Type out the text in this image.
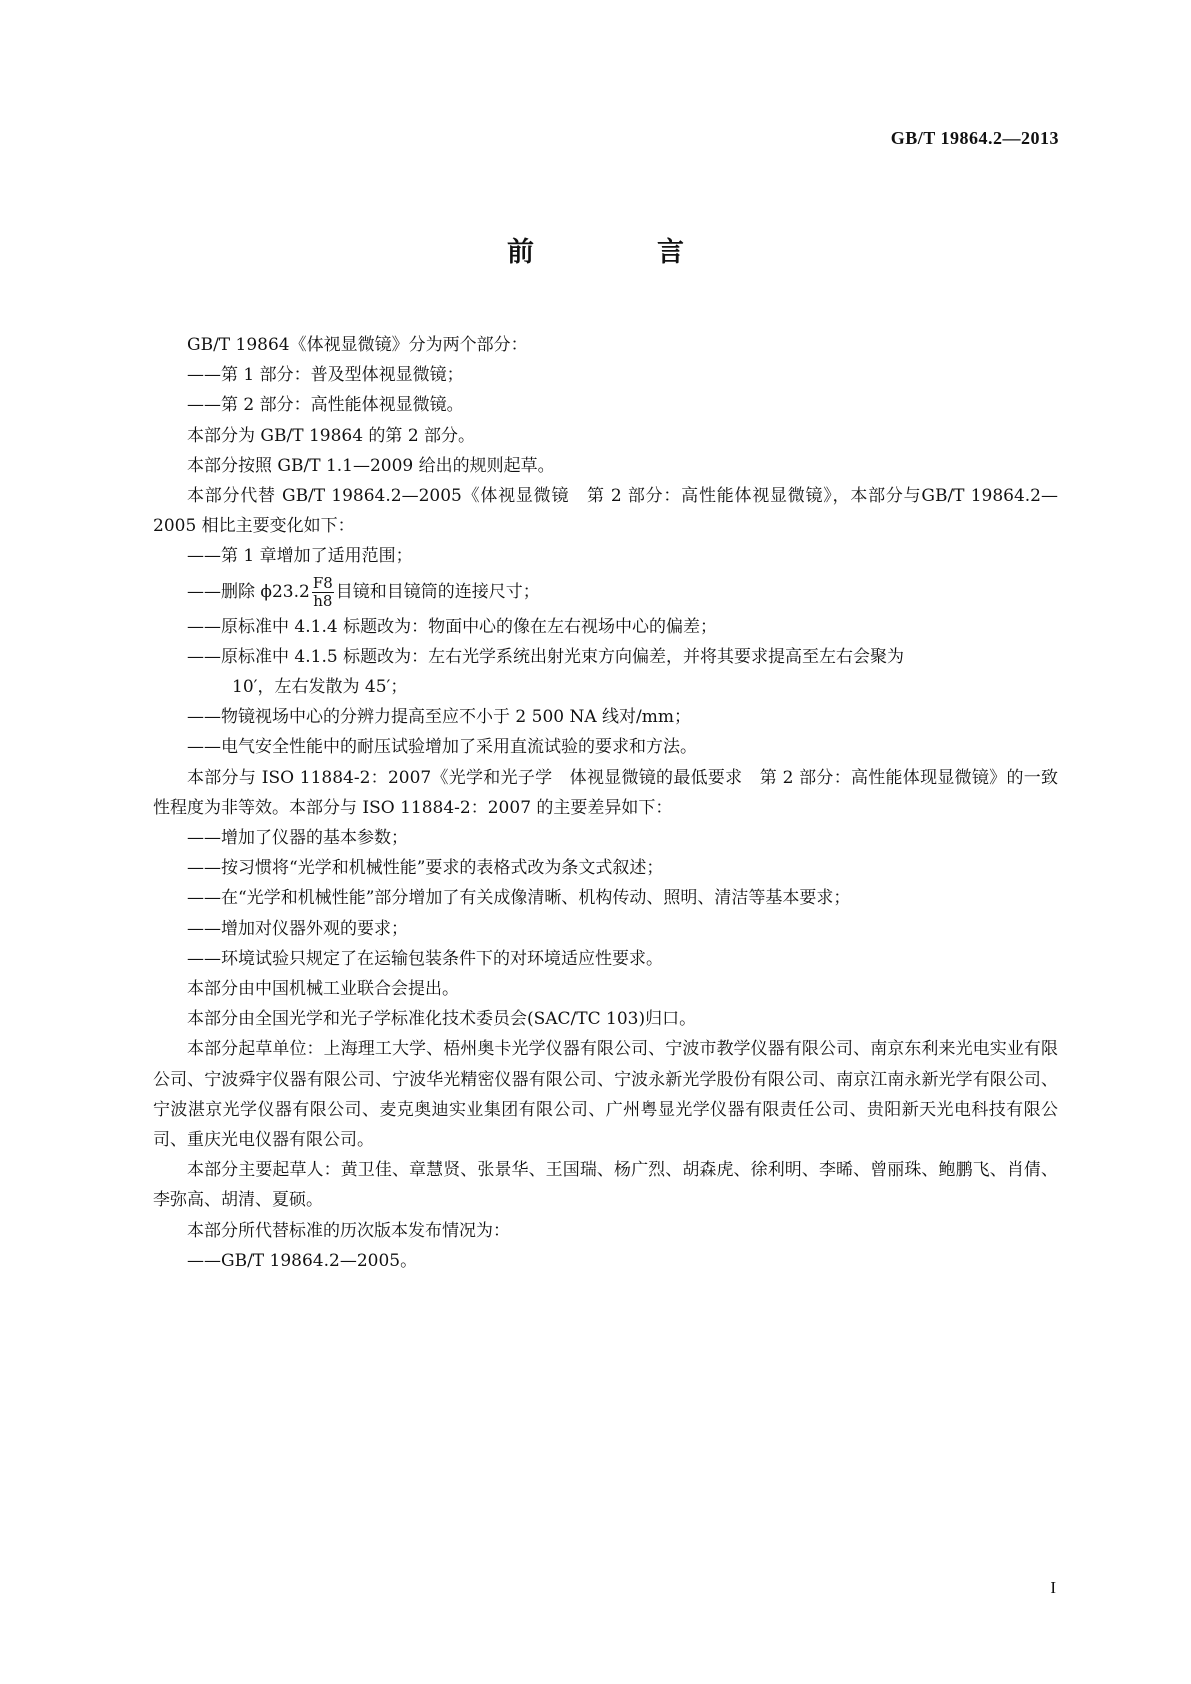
GB/T 19864.2—2013
前　言

GB/T 19864《体视显微镜》分为两个部分：

——第 1 部分：普及型体视显微镜；

——第 2 部分：高性能体视显微镜。

本部分为 GB/T 19864 的第 2 部分。

本部分按照 GB/T 1.1—2009 给出的规则起草。

本部分代替 GB/T 19864.2—2005《体视显微镜　第 2 部分：高性能体视显微镜》，本部分与GB/T 19864.2—2005 相比主要变化如下：

——第 1 章增加了适用范围；

——删除 $\phi 23.2 \frac{F8}{h8}$ 目镜和目镜筒的连接尺寸；

——原标准中 4.1.4 标题改为：物面中心的像在左右视场中心的偏差；

——原标准中 4.1.5 标题改为：左右光学系统出射光束方向偏差，并将其要求提高至左右会聚为
10′，左右发散为 45′；

——物镜视场中心的分辨力提高至应不小于 2 500 NA 线对/mm；

——电气安全性能中的耐压试验增加了采用直流试验的要求和方法。

本部分与 ISO 11884-2：2007《光学和光子学　体视显微镜的最低要求　第 2 部分：高性能体现显微镜》的一致性程度为非等效。本部分与 ISO 11884-2：2007 的主要差异如下：

——增加了仪器的基本参数；

——按习惯将“光学和机械性能”要求的表格式改为条文式叙述；

——在“光学和机械性能”部分增加了有关成像清晰、机构传动、照明、清洁等基本要求；

——增加对仪器外观的要求；

——环境试验只规定了在运输包装条件下的对环境适应性要求。

本部分由中国机械工业联合会提出。

本部分由全国光学和光子学标准化技术委员会(SAC/TC 103)归口。

本部分起草单位：上海理工大学、梧州奥卡光学仪器有限公司、宁波市教学仪器有限公司、南京东利来光电实业有限公司、宁波舜宇仪器有限公司、宁波华光精密仪器有限公司、宁波永新光学股份有限公司、南京江南永新光学有限公司、宁波湛京光学仪器有限公司、麦克奥迪实业集团有限公司、广州粤显光学仪器有限责任公司、贵阳新天光电科技有限公司、重庆光电仪器有限公司。

本部分主要起草人：黄卫佳、章慧贤、张景华、王国瑞、杨广烈、胡森虎、徐利明、李晞、曾丽珠、鲍鹏飞、肖倩、李弥高、胡清、夏硕。

本部分所代替标准的历次版本发布情况为：

——GB/T 19864.2—2005。

I
